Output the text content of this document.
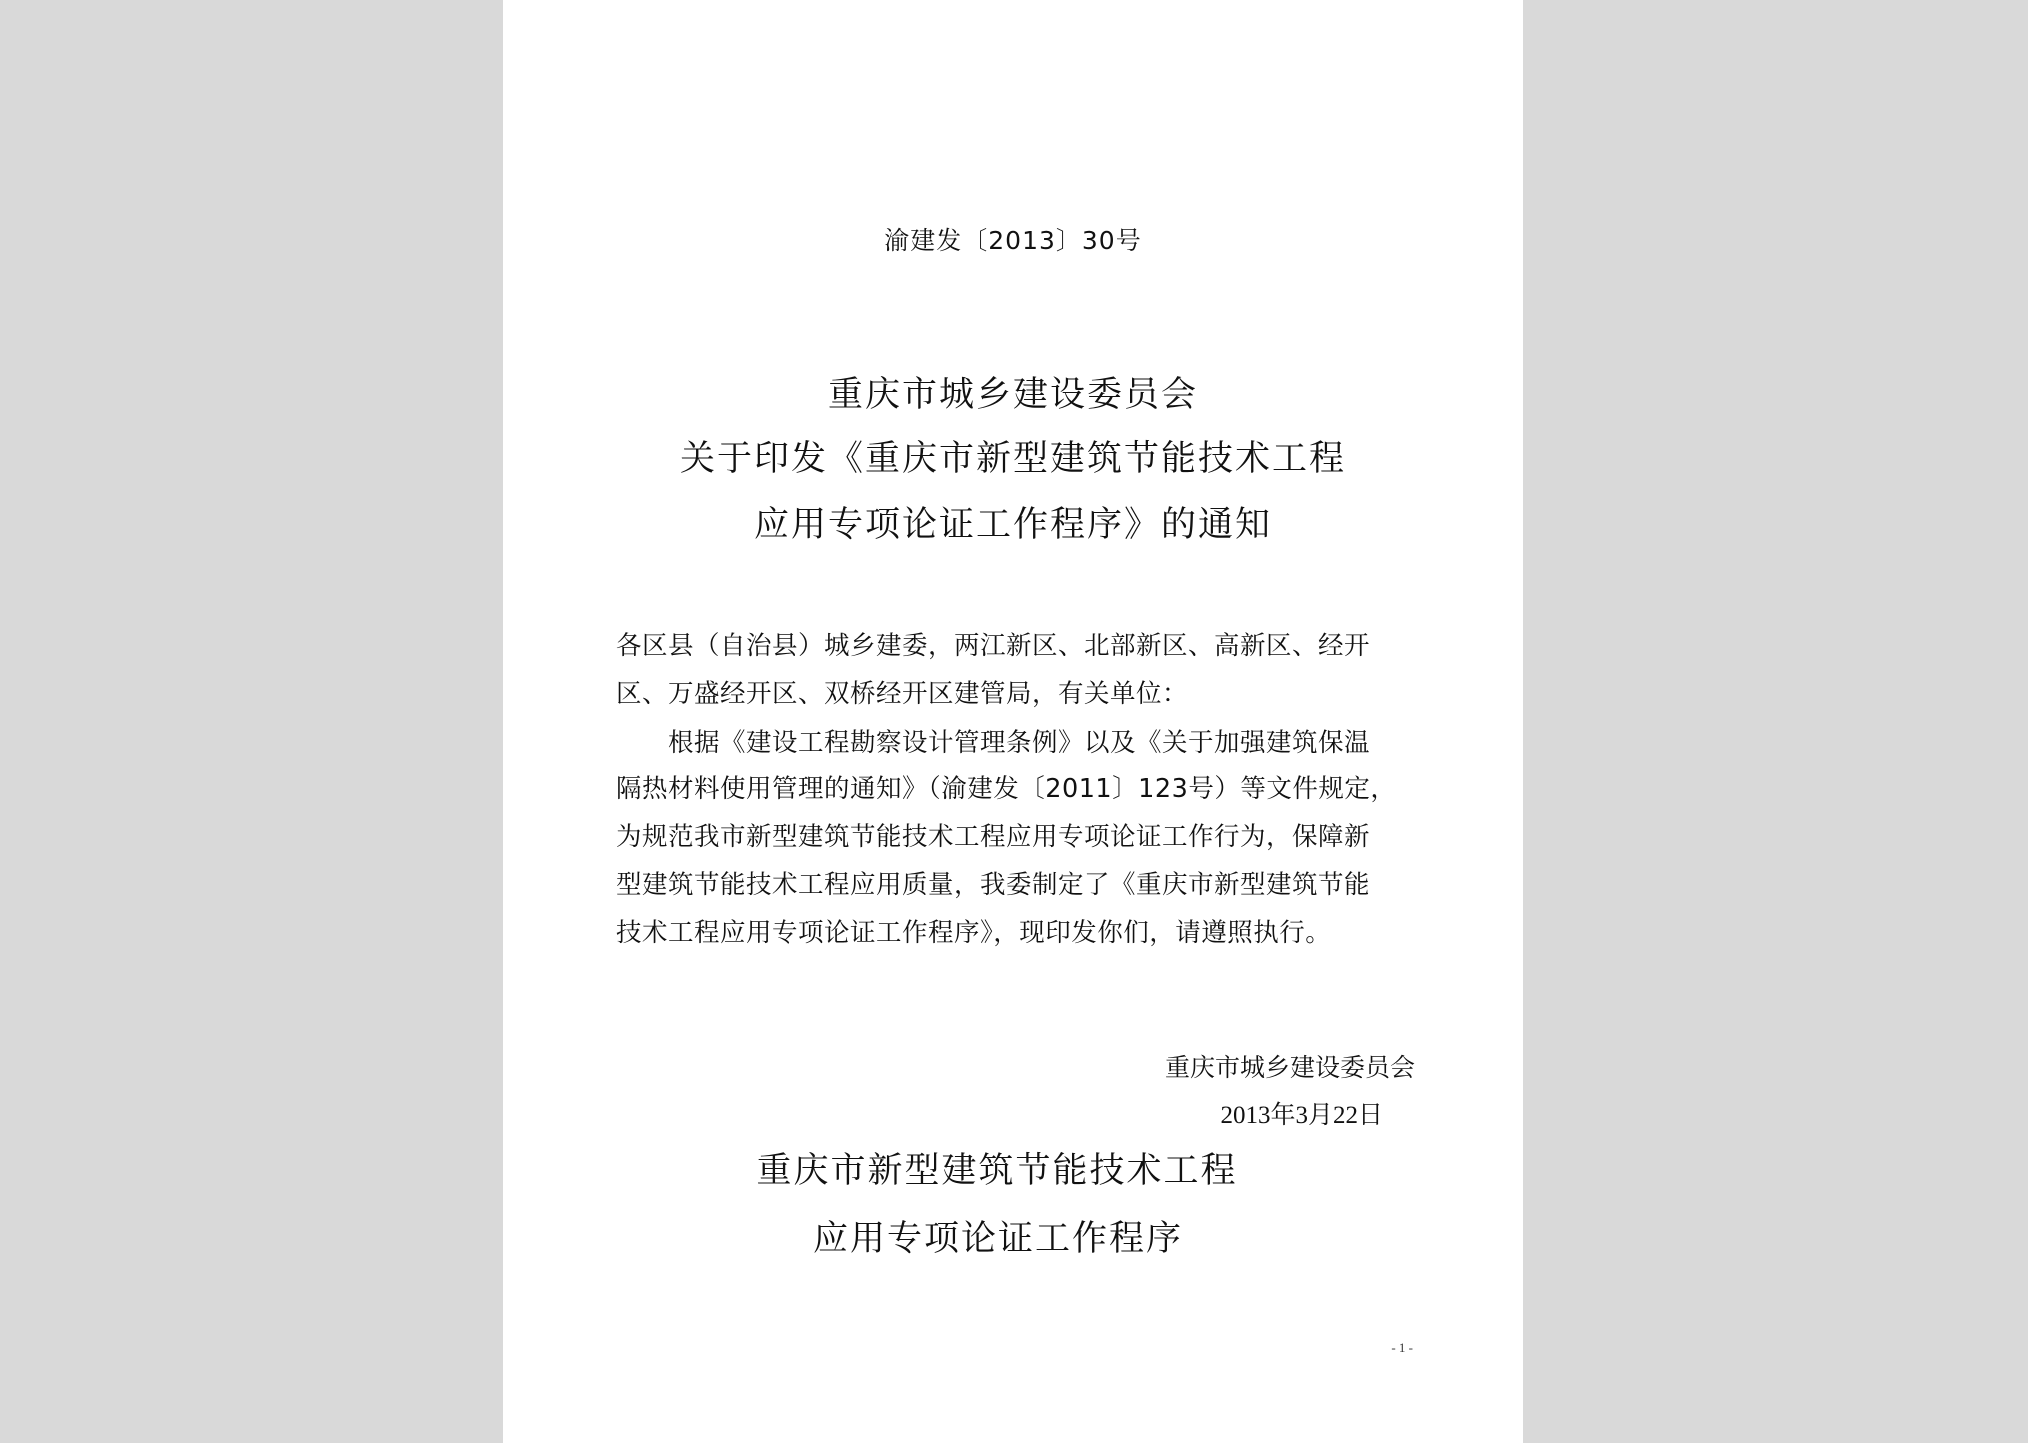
渝建发〔2013〕30号
重庆市城乡建设委员会
关于印发《重庆市新型建筑节能技术工程
应用专项论证工作程序》的通知
各区县（自治县）城乡建委，两江新区、北部新区、高新区、经开
区、万盛经开区、双桥经开区建管局，有关单位：
根据《建设工程勘察设计管理条例》以及《关于加强建筑保温
隔热材料使用管理的通知》（渝建发〔2011〕123号）等文件规定，
为规范我市新型建筑节能技术工程应用专项论证工作行为，保障新
型建筑节能技术工程应用质量，我委制定了《重庆市新型建筑节能
技术工程应用专项论证工作程序》，现印发你们，请遵照执行。
重庆市城乡建设委员会
2013年3月22日
重庆市新型建筑节能技术工程
应用专项论证工作程序
- 1 -
